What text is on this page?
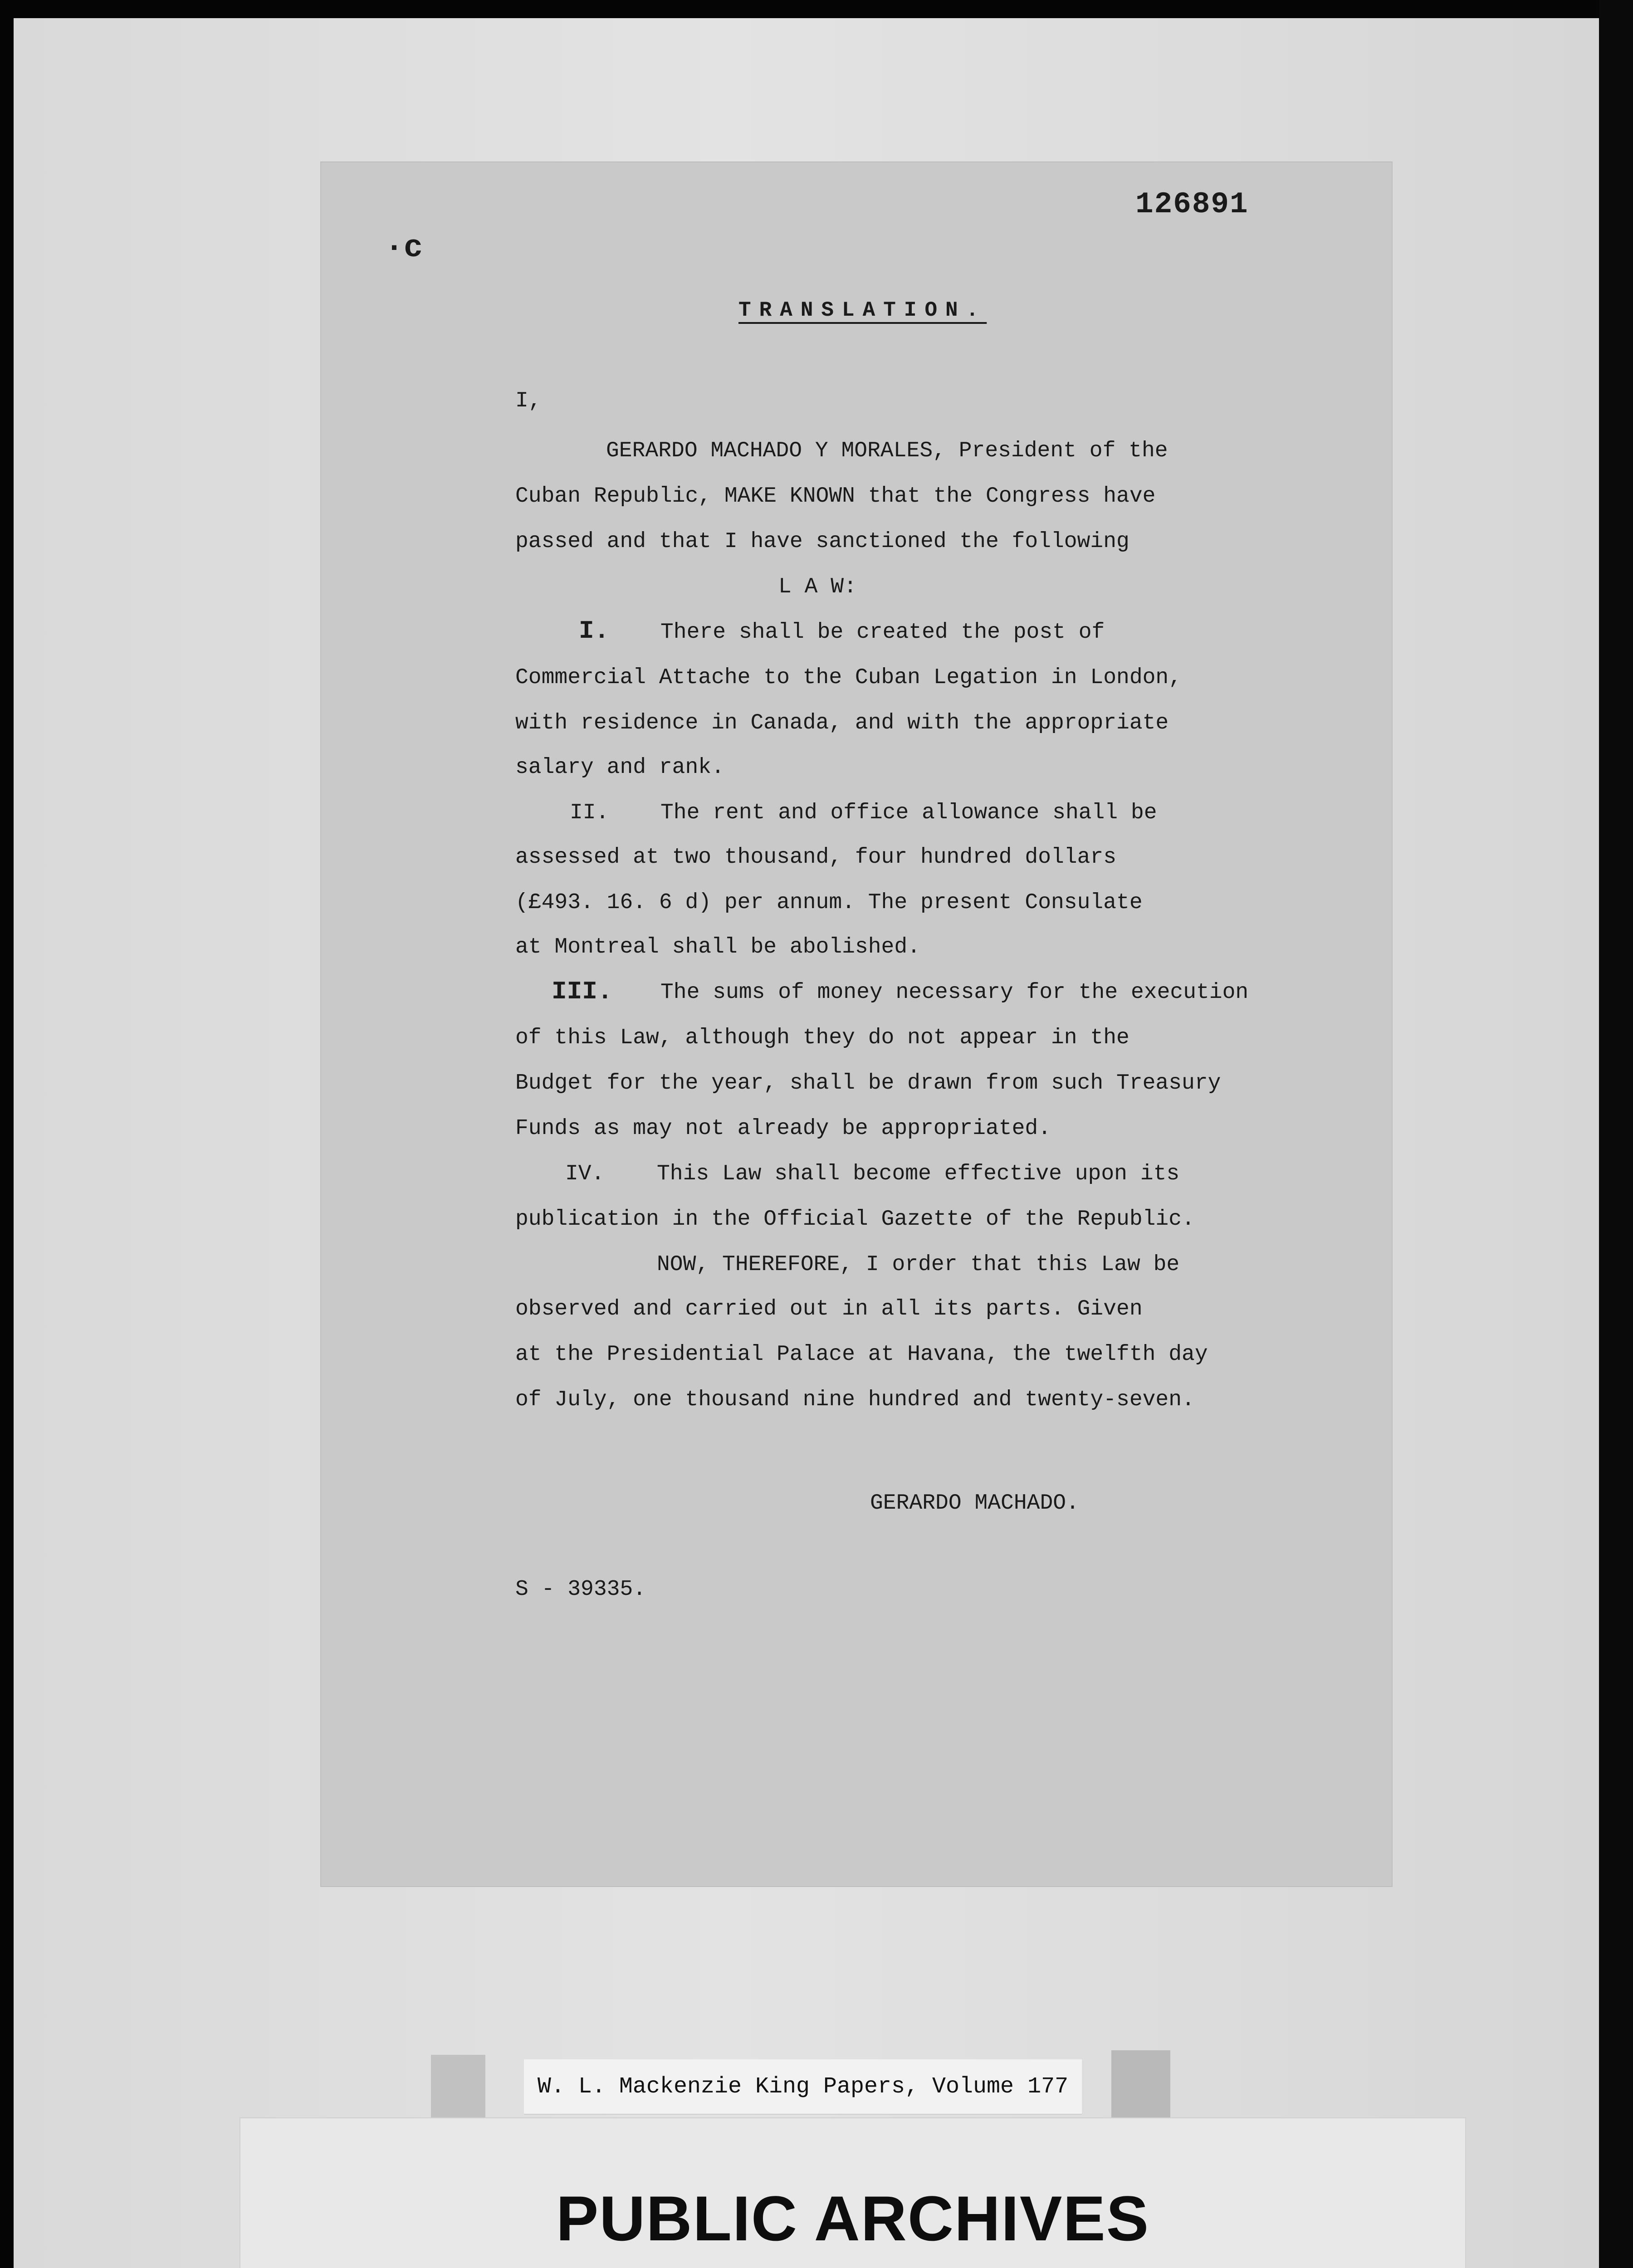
126891
·c
TRANSLATION.
I,
GERARDO MACHADO Y MORALES, President of the
Cuban Republic, MAKE KNOWN that the Congress have
passed and that I have sanctioned the following
L A W:
I. There shall be created the post of
Commercial Attache to the Cuban Legation in London,
with residence in Canada, and with the appropriate
salary and rank.
II. The rent and office allowance shall be
assessed at two thousand, four hundred dollars
(£493. 16. 6 d) per annum. The present Consulate
at Montreal shall be abolished.
III. The sums of money necessary for the execution
of this Law, although they do not appear in the
Budget for the year, shall be drawn from such Treasury
Funds as may not already be appropriated.
IV. This Law shall become effective upon its
publication in the Official Gazette of the Republic.
NOW, THEREFORE, I order that this Law be
observed and carried out in all its parts. Given
at the Presidential Palace at Havana, the twelfth day
of July, one thousand nine hundred and twenty-seven.
GERARDO MACHADO.
S - 39335.
W. L. Mackenzie King Papers, Volume 177
PUBLIC ARCHIVES
